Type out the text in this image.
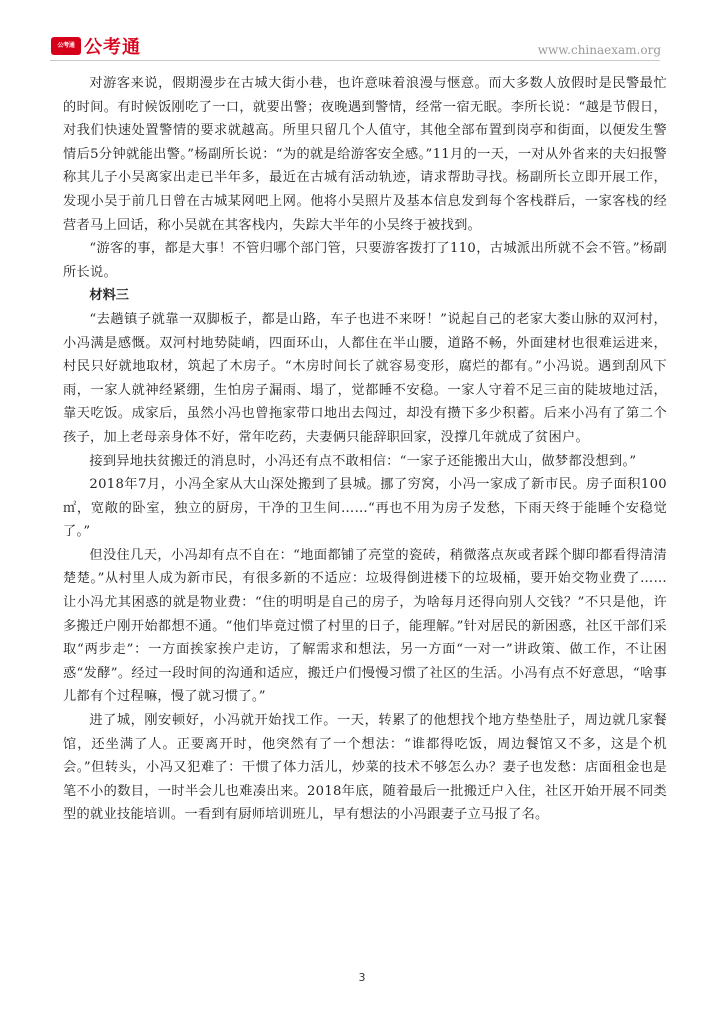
公考通 公考通	www.chinaexam.org

对游客来说，假期漫步在古城大街小巷，也许意味着浪漫与惬意。而大多数人放假时是民警最忙的时间。有时候饭刚吃了一口，就要出警；夜晚遇到警情，经常一宿无眠。李所长说：“越是节假日，对我们快速处置警情的要求就越高。所里只留几个人值守，其他全部布置到岗亭和街面，以便发生警情后5分钟就能出警。”杨副所长说：“为的就是给游客安全感。”11月的一天，一对从外省来的夫妇报警称其儿子小吴离家出走已半年多，最近在古城有活动轨迹，请求帮助寻找。杨副所长立即开展工作，发现小吴于前几日曾在古城某网吧上网。他将小吴照片及基本信息发到每个客栈群后，一家客栈的经营者马上回话，称小吴就在其客栈内，失踪大半年的小吴终于被找到。

“游客的事，都是大事！不管归哪个部门管，只要游客拨打了110，古城派出所就不会不管。”杨副所长说。

材料三

“去趟镇子就靠一双脚板子，都是山路，车子也进不来呀！”说起自己的老家大娄山脉的双河村，小冯满是感慨。双河村地势陡峭，四面环山，人都住在半山腰，道路不畅，外面建材也很难运进来，村民只好就地取材，筑起了木房子。“木房时间长了就容易变形，腐烂的都有。”小冯说。遇到刮风下雨，一家人就神经紧绷，生怕房子漏雨、塌了，觉都睡不安稳。一家人守着不足三亩的陡坡地过活，靠天吃饭。成家后，虽然小冯也曾拖家带口地出去闯过，却没有攒下多少积蓄。后来小冯有了第二个孩子，加上老母亲身体不好，常年吃药，夫妻俩只能辞职回家，没撑几年就成了贫困户。

接到异地扶贫搬迁的消息时，小冯还有点不敢相信：“一家子还能搬出大山，做梦都没想到。”

2018年7月，小冯全家从大山深处搬到了县城。挪了穷窝，小冯一家成了新市民。房子面积100㎡，宽敞的卧室，独立的厨房，干净的卫生间……“再也不用为房子发愁，下雨天终于能睡个安稳觉了。”

但没住几天，小冯却有点不自在：“地面都铺了亮堂的瓷砖，稍微落点灰或者踩个脚印都看得清清楚楚。”从村里人成为新市民，有很多新的不适应：垃圾得倒进楼下的垃圾桶，要开始交物业费了……让小冯尤其困惑的就是物业费：“住的明明是自己的房子，为啥每月还得向别人交钱？”不只是他，许多搬迁户刚开始都想不通。“他们毕竟过惯了村里的日子，能理解。”针对居民的新困惑，社区干部们采取“两步走”：一方面挨家挨户走访，了解需求和想法，另一方面“一对一”讲政策、做工作，不让困惑“发酵”。经过一段时间的沟通和适应，搬迁户们慢慢习惯了社区的生活。小冯有点不好意思，“啥事儿都有个过程嘛，慢了就习惯了。”

进了城，刚安顿好，小冯就开始找工作。一天，转累了的他想找个地方垫垫肚子，周边就几家餐馆，还坐满了人。正要离开时，他突然有了一个想法：“谁都得吃饭，周边餐馆又不多，这是个机会。”但转头，小冯又犯难了：干惯了体力活儿，炒菜的技术不够怎么办？妻子也发愁：店面租金也是笔不小的数目，一时半会儿也难凑出来。2018年底，随着最后一批搬迁户入住，社区开始开展不同类型的就业技能培训。一看到有厨师培训班儿，早有想法的小冯跟妻子立马报了名。

3
